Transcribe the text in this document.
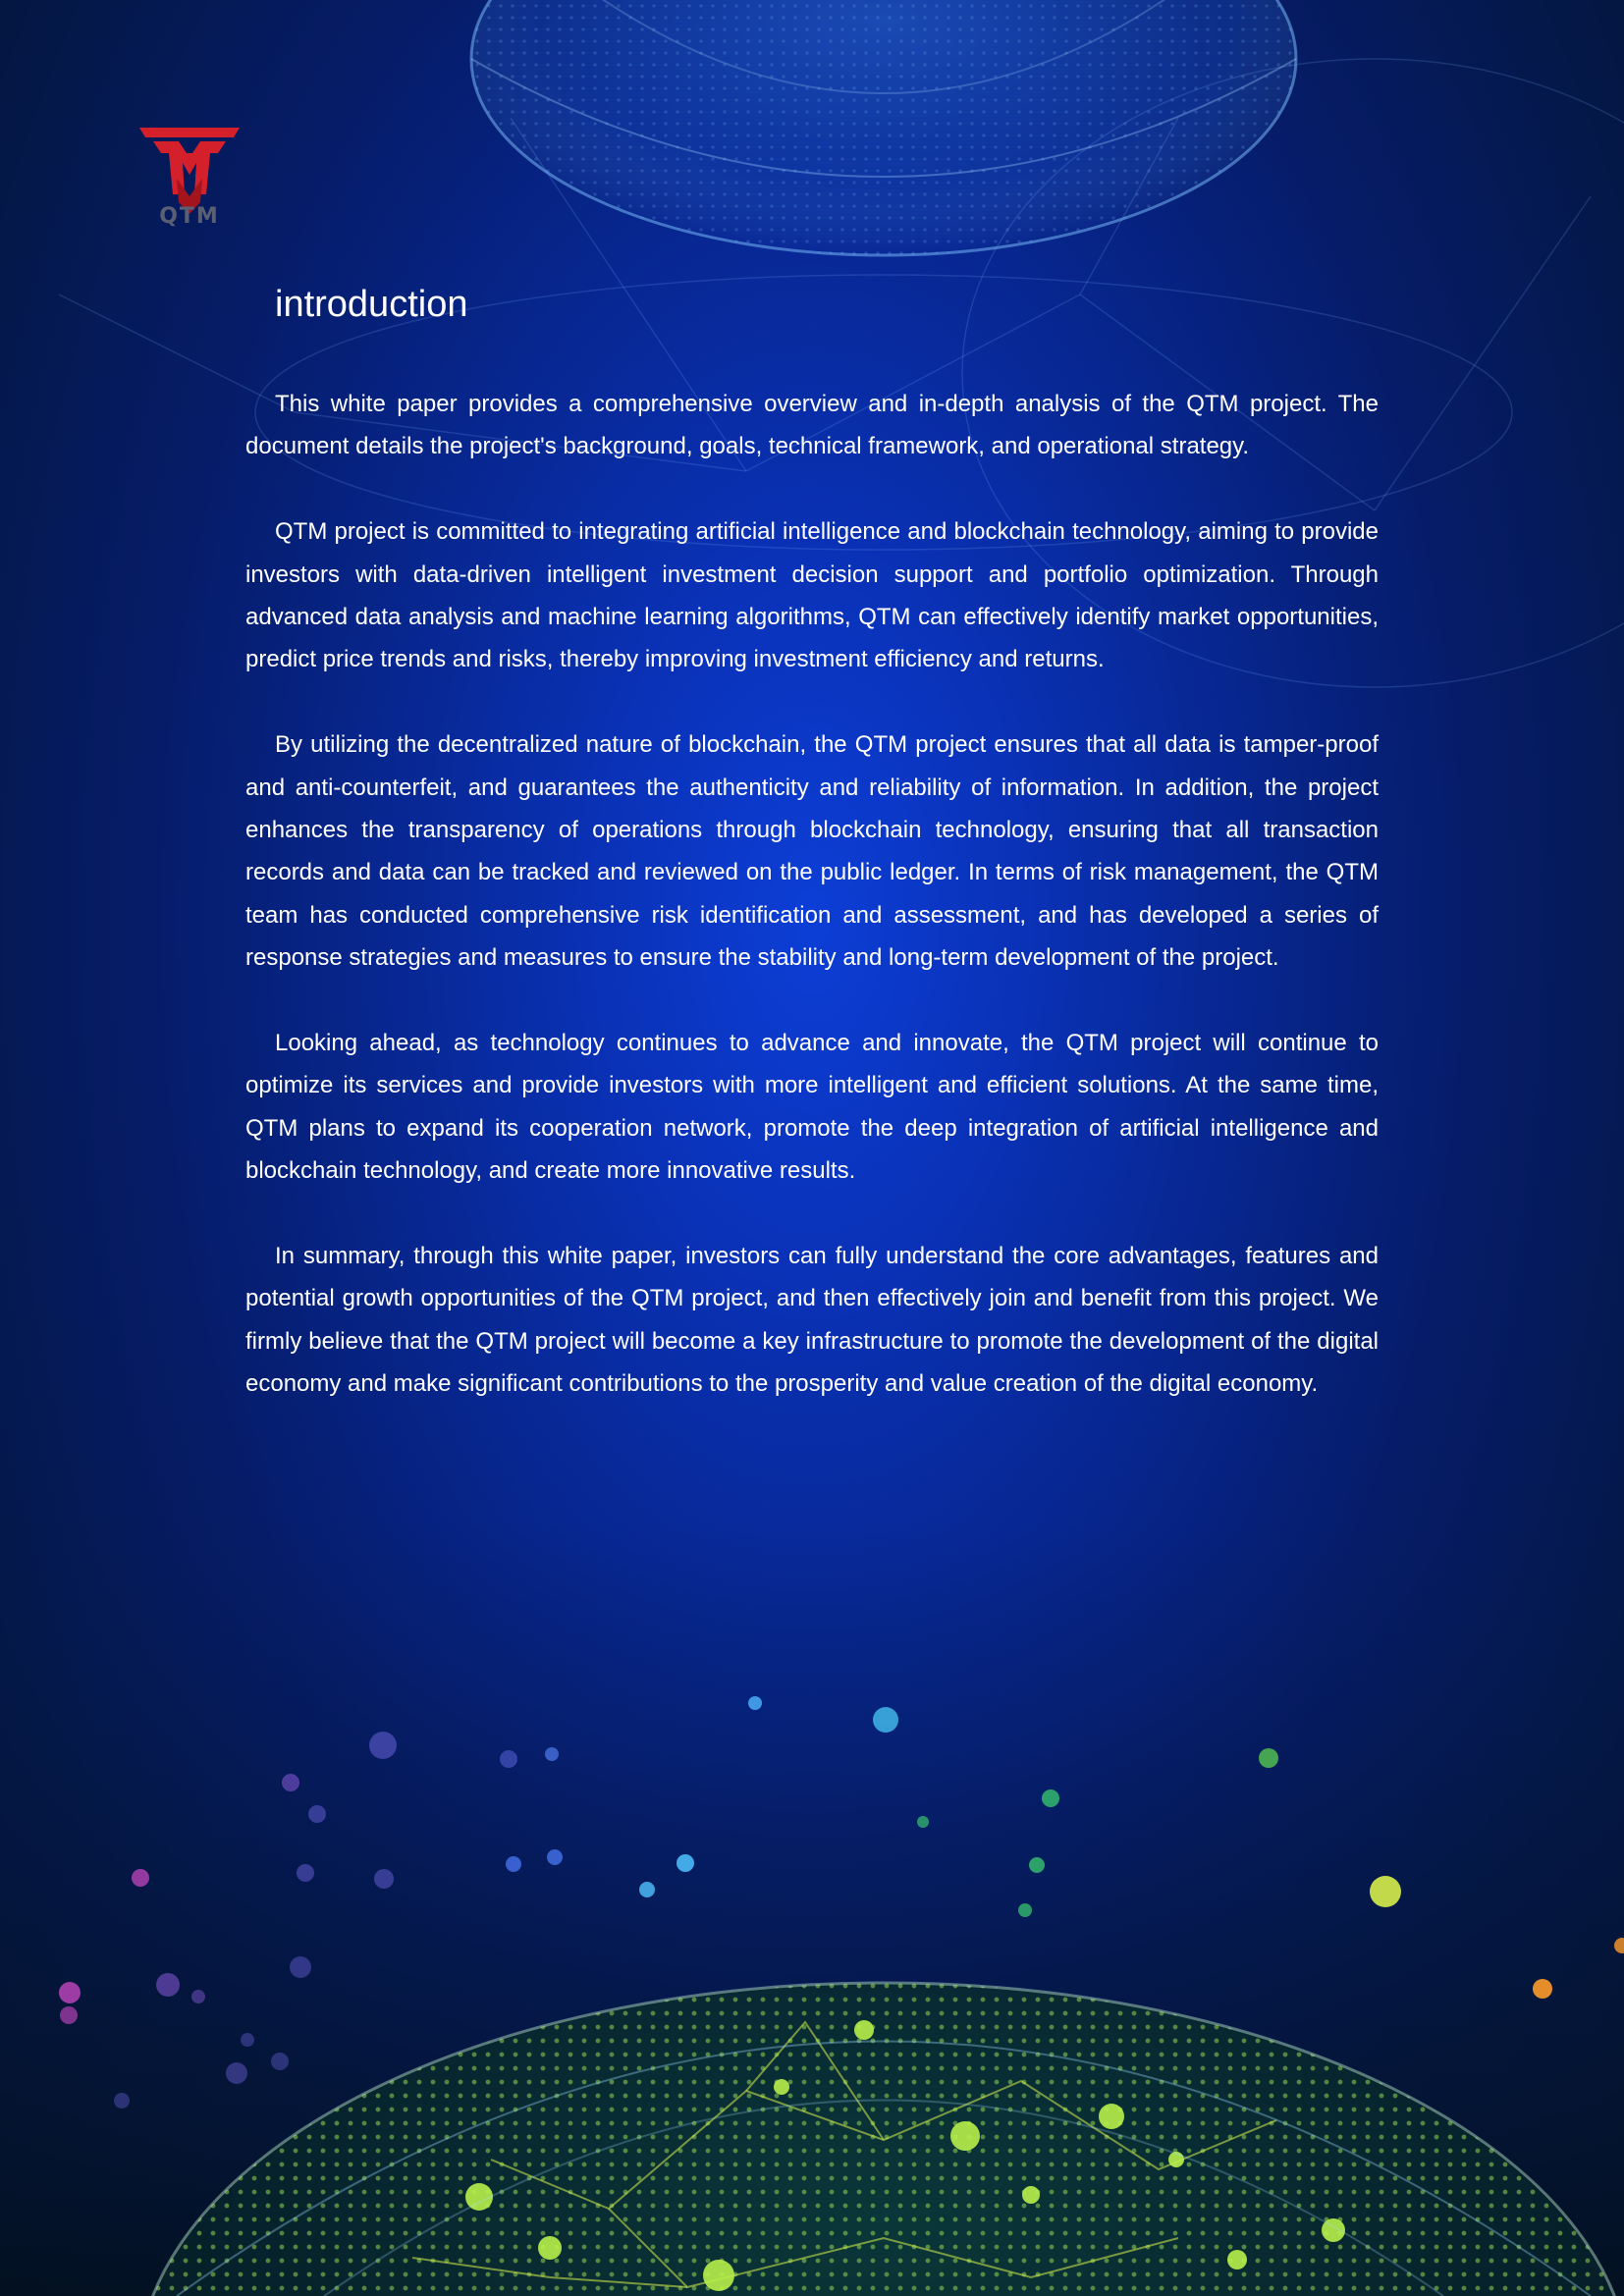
QTM
introduction

This white paper provides a comprehensive overview and in-depth analysis of the QTM project. The document details the project's background, goals, technical framework, and operational strategy.

QTM project is committed to integrating artificial intelligence and blockchain technology, aiming to provide investors with data-driven intelligent investment decision support and portfolio optimization. Through advanced data analysis and machine learning algorithms, QTM can effectively identify market opportunities, predict price trends and risks, thereby improving investment efficiency and returns.

By utilizing the decentralized nature of blockchain, the QTM project ensures that all data is tamper-proof and anti-counterfeit, and guarantees the authenticity and reliability of information. In addition, the project enhances the transparency of operations through blockchain technology, ensuring that all transaction records and data can be tracked and reviewed on the public ledger. In terms of risk management, the QTM team has conducted comprehensive risk identification and assessment, and has developed a series of response strategies and measures to ensure the stability and long-term development of the project.

Looking ahead, as technology continues to advance and innovate, the QTM project will continue to optimize its services and provide investors with more intelligent and efficient solutions. At the same time, QTM plans to expand its cooperation network, promote the deep integration of artificial intelligence and blockchain technology, and create more innovative results.

In summary, through this white paper, investors can fully understand the core advantages, features and potential growth opportunities of the QTM project, and then effectively join and benefit from this project. We firmly believe that the QTM project will become a key infrastructure to promote the development of the digital economy and make significant contributions to the prosperity and value creation of the digital economy.
